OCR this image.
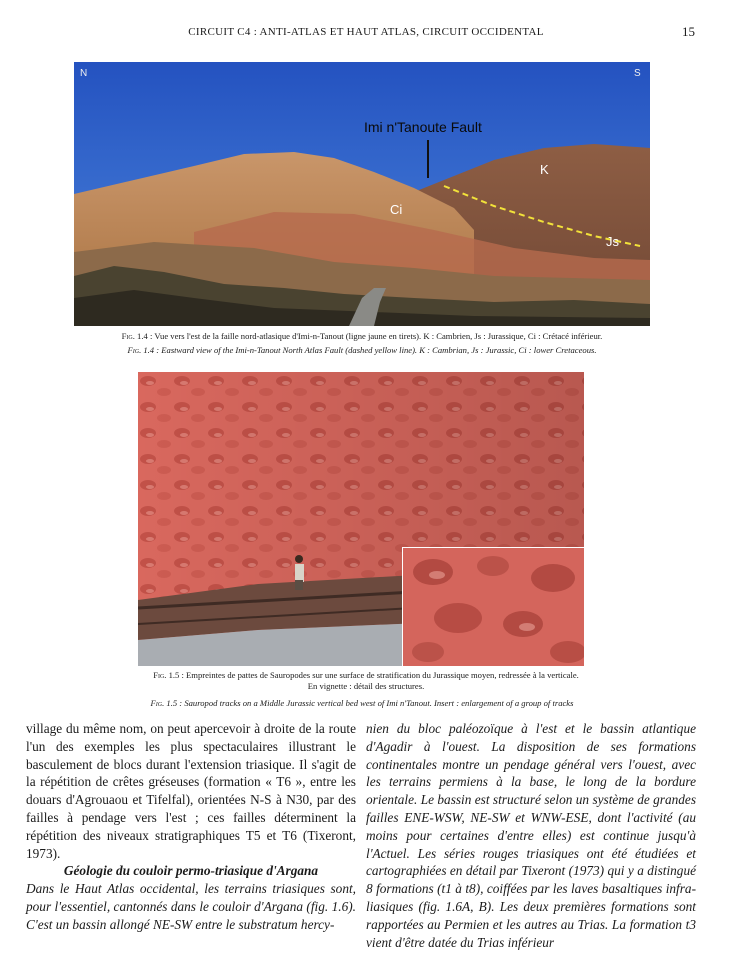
CIRCUIT C4 : ANTI-ATLAS ET HAUT ATLAS, CIRCUIT OCCIDENTAL	15
N	S
Imi n'Tanoute Fault
K
Ci
Js
Fig. 1.4 : Vue vers l'est de la faille nord-atlasique d'Imi-n-Tanout (ligne jaune en tirets). K : Cambrien, Js : Jurassique, Ci : Crétacé inférieur.
Fig. 1.4 : Eastward view of the Imi-n-Tanout North Atlas Fault (dashed yellow line). K : Cambrian, Js : Jurassic, Ci : lower Cretaceous.
Fig. 1.5 : Empreintes de pattes de Sauropodes sur une surface de stratification du Jurassique moyen, redressée à la verticale. En vignette : détail des structures.
Fig. 1.5 : Sauropod tracks on a Middle Jurassic vertical bed west of Imi n'Tanout. Insert : enlargement of a group of tracks

village du même nom, on peut apercevoir à droite de la route l'un des exemples les plus spectaculaires illustrant le basculement de blocs durant l'extension triasique. Il s'agit de la répétition de crêtes gréseuses (formation « T6 », entre les douars d'Agrouaou et Tifelfal), orientées N-S à N30, par des failles à pendage vers l'est ; ces failles déterminent la répétition des niveaux stratigraphiques T5 et T6 (Tixeront, 1973).

Géologie du couloir permo-triasique d'Argana

Dans le Haut Atlas occidental, les terrains triasiques sont, pour l'essentiel, cantonnés dans le couloir d'Argana (fig. 1.6). C'est un bassin allongé NE-SW entre le substratum hercy-

nien du bloc paléozoïque à l'est et le bassin atlantique d'Agadir à l'ouest. La disposition de ses formations continentales montre un pendage général vers l'ouest, avec les terrains permiens à la base, le long de la bordure orientale. Le bassin est structuré selon un système de grandes failles ENE-WSW, NE-SW et WNW-ESE, dont l'activité (au moins pour certaines d'entre elles) est continue jusqu'à l'Actuel. Les séries rouges triasiques ont été étudiées et cartographiées en détail par Tixeront (1973) qui y a distingué 8 formations (t1 à t8), coiffées par les laves basaltiques infra-liasiques (fig. 1.6A, B). Les deux premières formations sont rapportées au Permien et les autres au Trias. La formation t3 vient d'être datée du Trias inférieur
